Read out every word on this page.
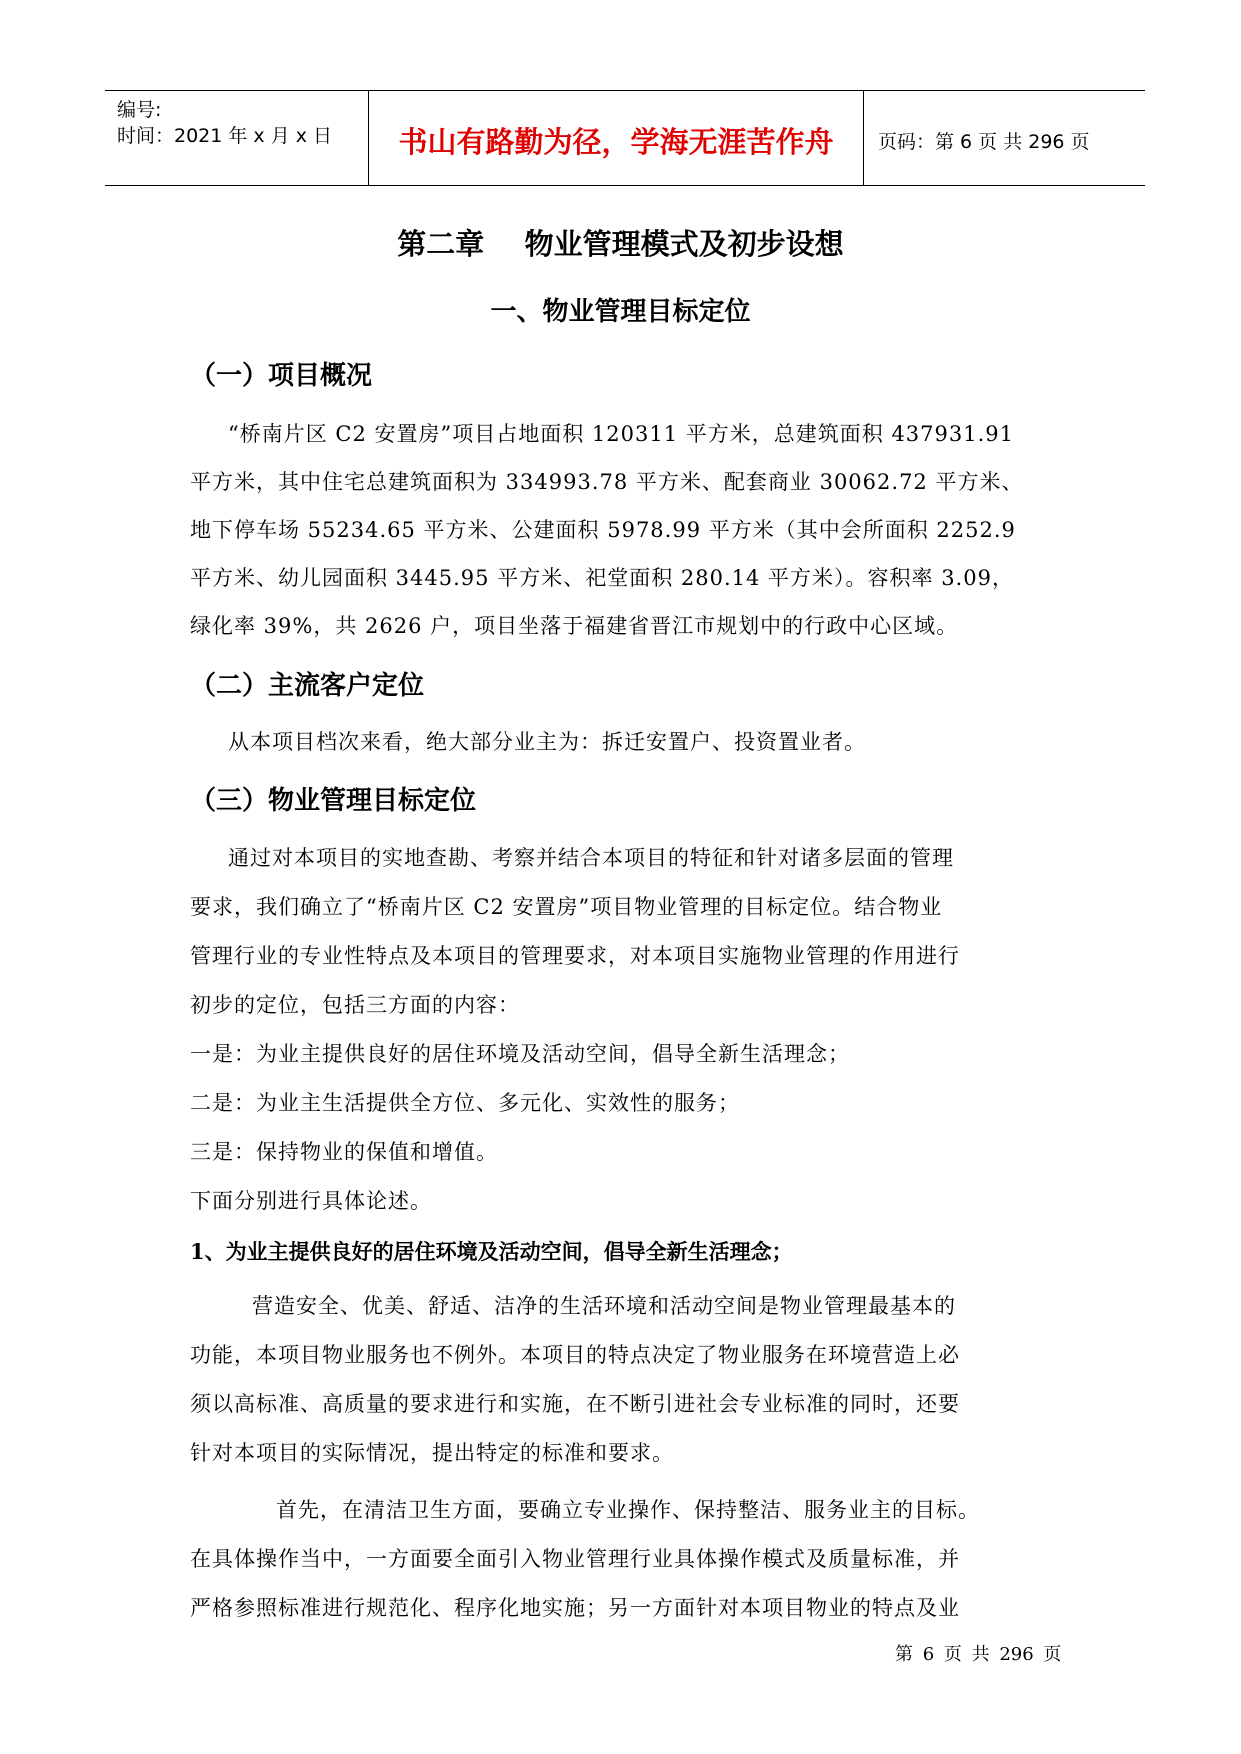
编号:
时间：2021 年 x 月 x 日 书山有路勤为径，学海无涯苦作舟	页码：第 6 页 共 296 页
第二章    物业管理模式及初步设想
一、物业管理目标定位
（一）项目概况
“桥南片区 C2 安置房”项目占地面积 120311 平方米，总建筑面积 437931.91
平方米，其中住宅总建筑面积为 334993.78 平方米、配套商业 30062.72 平方米、
地下停车场 55234.65 平方米、公建面积 5978.99 平方米（其中会所面积 2252.9
平方米、幼儿园面积 3445.95 平方米、祀堂面积 280.14 平方米）。容积率 3.09，
绿化率 39%，共 2626 户，项目坐落于福建省晋江市规划中的行政中心区域。
（二）主流客户定位
从本项目档次来看，绝大部分业主为：拆迁安置户、投资置业者。
（三）物业管理目标定位
通过对本项目的实地查勘、考察并结合本项目的特征和针对诸多层面的管理
要求，我们确立了“桥南片区 C2 安置房”项目物业管理的目标定位。结合物业
管理行业的专业性特点及本项目的管理要求，对本项目实施物业管理的作用进行
初步的定位，包括三方面的内容：
一是：为业主提供良好的居住环境及活动空间，倡导全新生活理念；
二是：为业主生活提供全方位、多元化、实效性的服务；
三是：保持物业的保值和增值。
下面分别进行具体论述。
1、为业主提供良好的居住环境及活动空间，倡导全新生活理念；
营造安全、优美、舒适、洁净的生活环境和活动空间是物业管理最基本的
功能，本项目物业服务也不例外。本项目的特点决定了物业服务在环境营造上必
须以高标准、高质量的要求进行和实施，在不断引进社会专业标准的同时，还要
针对本项目的实际情况，提出特定的标准和要求。
首先，在清洁卫生方面，要确立专业操作、保持整洁、服务业主的目标。
在具体操作当中，一方面要全面引入物业管理行业具体操作模式及质量标准，并
严格参照标准进行规范化、程序化地实施；另一方面针对本项目物业的特点及业
第 6 页 共 296 页
